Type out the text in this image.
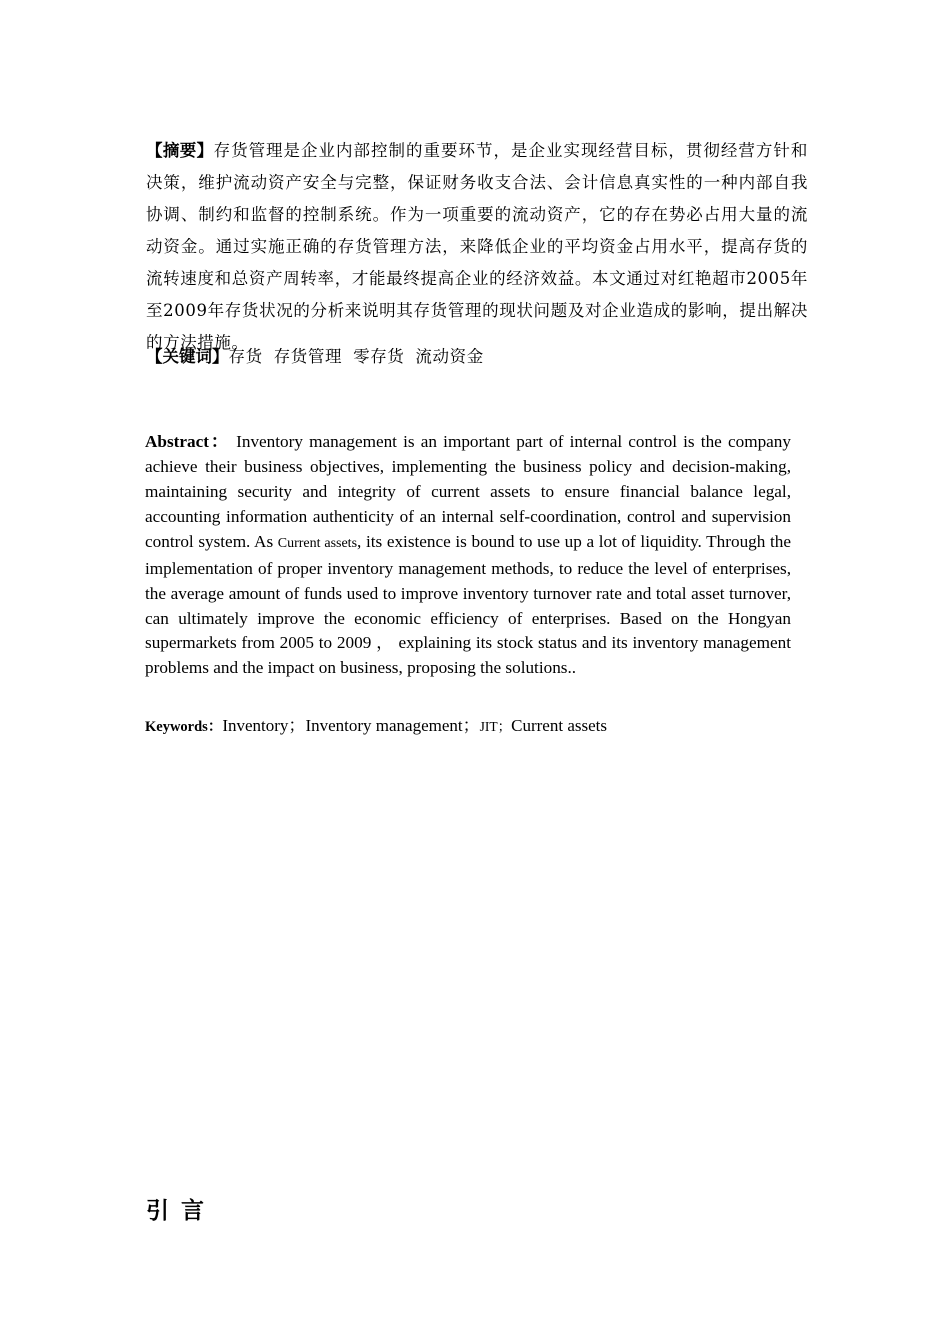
【摘要】存货管理是企业内部控制的重要环节，是企业实现经营目标，贯彻经营方针和决策，维护流动资产安全与完整，保证财务收支合法、会计信息真实性的一种内部自我协调、制约和监督的控制系统。作为一项重要的流动资产，它的存在势必占用大量的流动资金。通过实施正确的存货管理方法，来降低企业的平均资金占用水平，提高存货的流转速度和总资产周转率，才能最终提高企业的经济效益。本文通过对红艳超市2005年至2009年存货状况的分析来说明其存货管理的现状问题及对企业造成的影响，提出解决的方法措施。

【关键词】存货 存货管理 零存货 流动资金

Abstract： Inventory management is an important part of internal control is the company achieve their business objectives, implementing the business policy and decision-making, maintaining security and integrity of current assets to ensure financial balance legal, accounting information authenticity of an internal self-coordination, control and supervision control system. As Current assets, its existence is bound to use up a lot of liquidity. Through the implementation of proper inventory management methods, to reduce the level of enterprises, the average amount of funds used to improve inventory turnover rate and total asset turnover, can ultimately improve the economic efficiency of enterprises. Based on the Hongyan supermarkets from 2005 to 2009 ， explaining its stock status and its inventory management problems and the impact on business, proposing the solutions..

Keywords：Inventory；Inventory management；JIT；Current assets
引言
